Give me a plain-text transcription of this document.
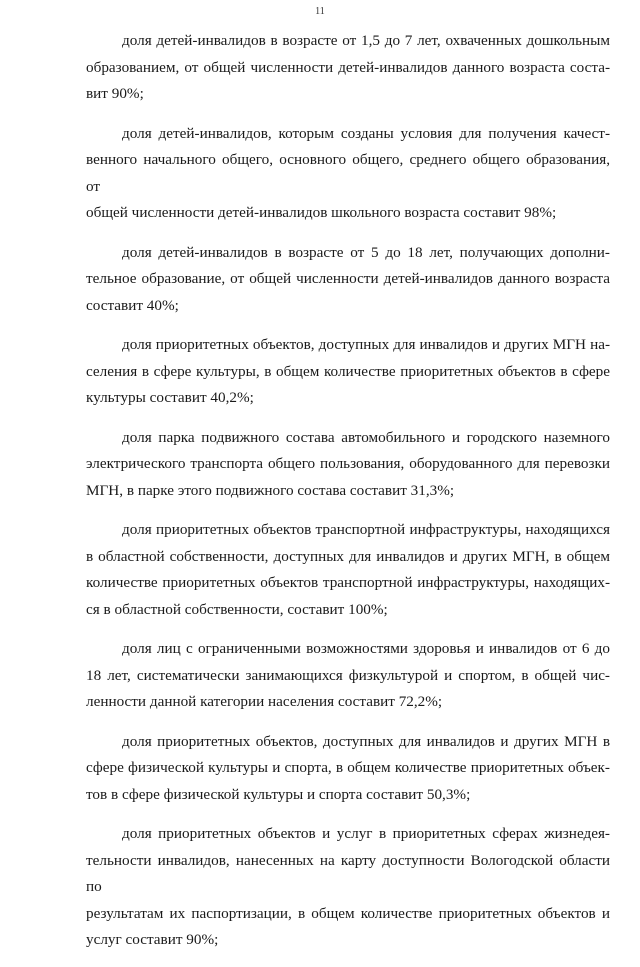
11

доля детей-инвалидов в возрасте от 1,5 до 7 лет, охваченных дошкольным
образованием, от общей численности детей-инвалидов данного возраста соста-
вит 90%;

доля детей-инвалидов, которым созданы условия для получения качест-
венного начального общего, основного общего, среднего общего образования, от
общей численности детей-инвалидов школьного возраста составит 98%;

доля детей-инвалидов в возрасте от 5 до 18 лет, получающих дополни-
тельное образование, от общей численности детей-инвалидов данного возраста
составит 40%;

доля приоритетных объектов, доступных для инвалидов и других МГН на-
селения в сфере культуры, в общем количестве приоритетных объектов в сфере
культуры составит 40,2%;

доля парка подвижного состава автомобильного и городского наземного
электрического транспорта общего пользования, оборудованного для перевозки
МГН, в парке этого подвижного состава составит 31,3%;

доля приоритетных объектов транспортной инфраструктуры, находящихся
в областной собственности, доступных для инвалидов и других МГН, в общем
количестве приоритетных объектов транспортной инфраструктуры, находящих-
ся в областной собственности, составит 100%;

доля лиц с ограниченными возможностями здоровья и инвалидов от 6 до
18 лет, систематически занимающихся физкультурой и спортом, в общей чис-
ленности данной категории населения составит 72,2%;

доля приоритетных объектов, доступных для инвалидов и других МГН в
сфере физической культуры и спорта, в общем количестве приоритетных объек-
тов в сфере физической культуры и спорта составит 50,3%;

доля приоритетных объектов и услуг в приоритетных сферах жизнедея-
тельности инвалидов, нанесенных на карту доступности Вологодской области по
результатам их паспортизации, в общем количестве приоритетных объектов и
услуг составит 90%;
